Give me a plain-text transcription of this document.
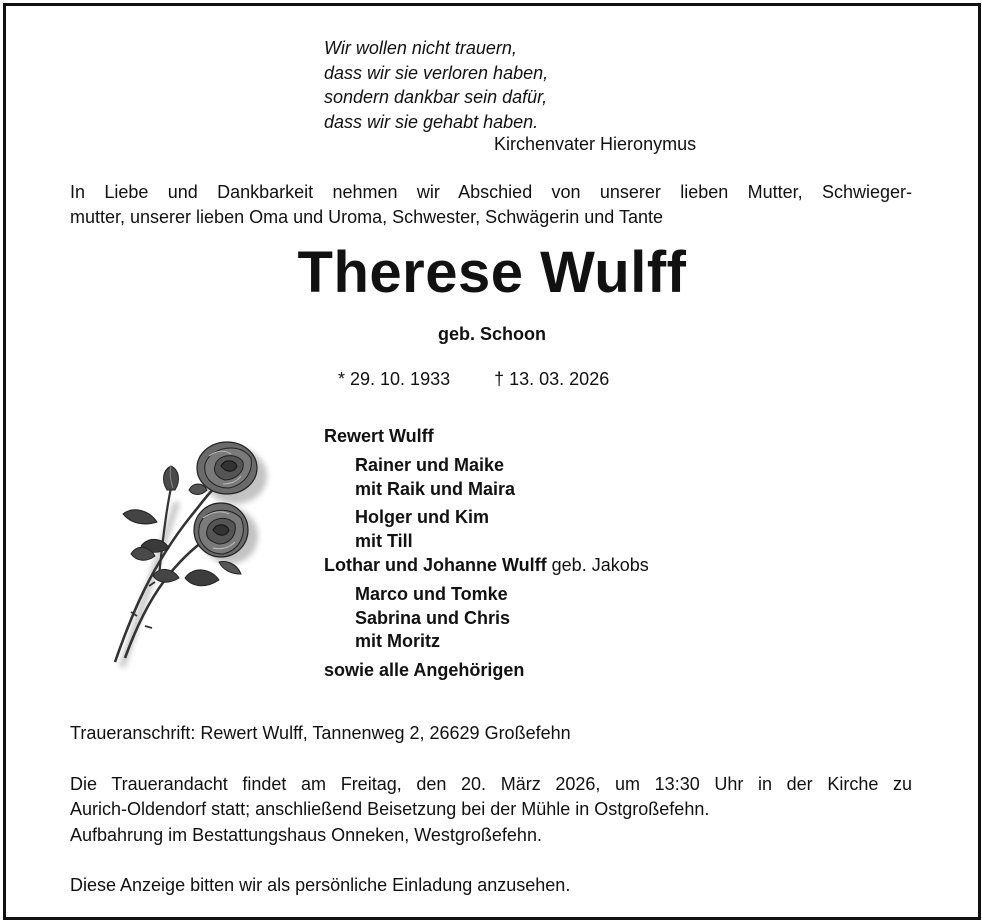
Wir wollen nicht trauern,
dass wir sie verloren haben,
sondern dankbar sein dafür,
dass wir sie gehabt haben.
Kirchenvater Hieronymus
In Liebe und Dankbarkeit nehmen wir Abschied von unserer lieben Mutter, Schwieger-
mutter, unserer lieben Oma und Uroma, Schwester, Schwägerin und Tante
Therese Wulff
geb. Schoon
* 29. 10. 1933 † 13. 03. 2026
Rewert Wulff
Rainer und Maike
mit Raik und Maira
Holger und Kim
mit Till
Lothar und Johanne Wulff geb. Jakobs
Marco und Tomke
Sabrina und Chris
mit Moritz
sowie alle Angehörigen
Traueranschrift: Rewert Wulff, Tannenweg 2, 26629 Großefehn
Die Trauerandacht findet am Freitag, den 20. März 2026, um 13:30 Uhr in der Kirche zu
Aurich-Oldendorf statt; anschließend Beisetzung bei der Mühle in Ostgroßefehn.
Aufbahrung im Bestattungshaus Onneken, Westgroßefehn.
Diese Anzeige bitten wir als persönliche Einladung anzusehen.
